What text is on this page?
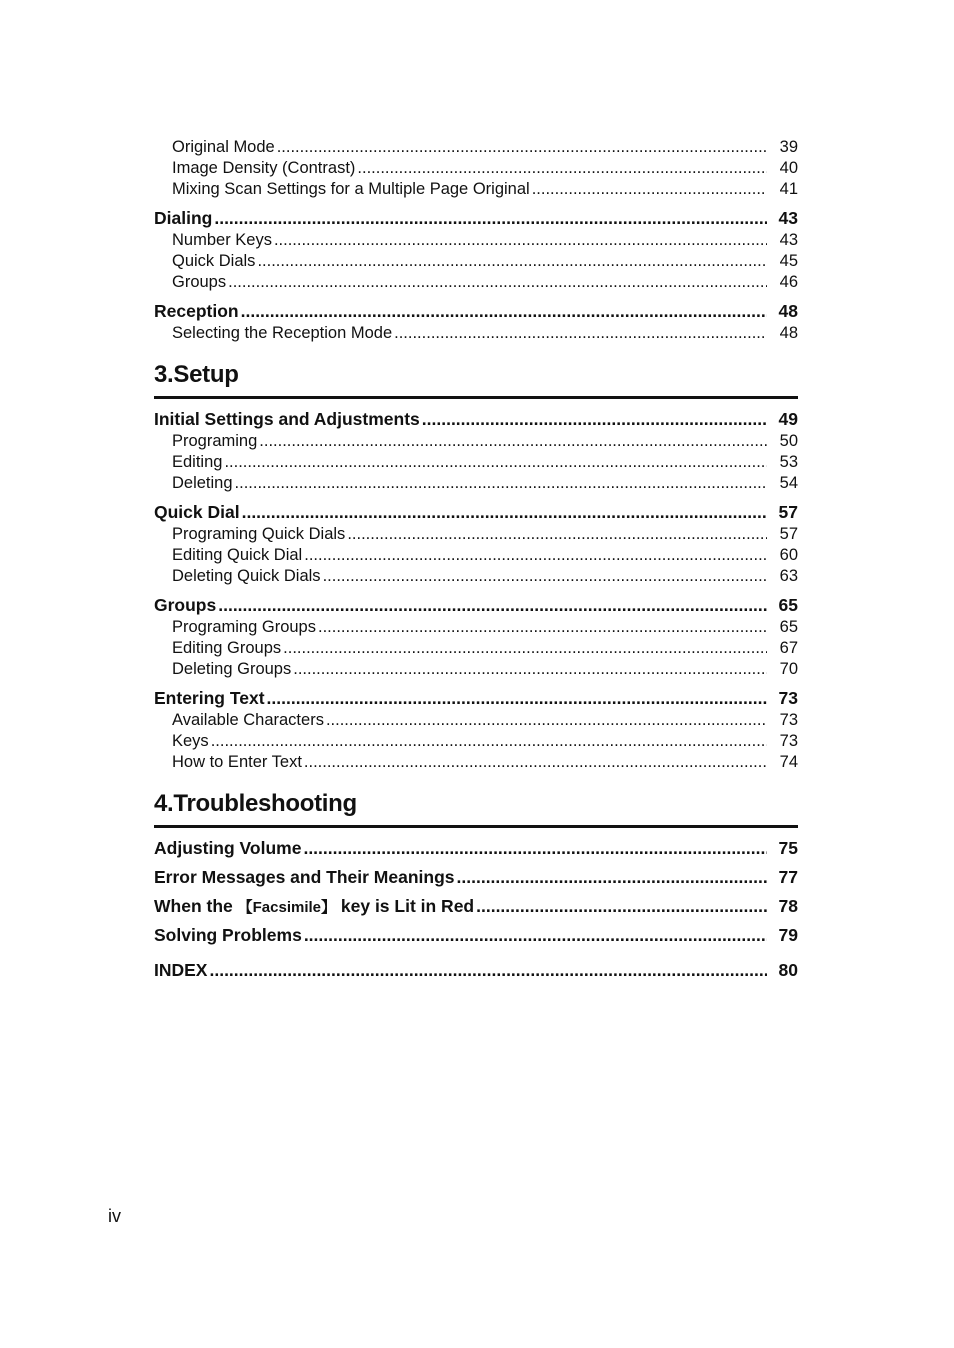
Original Mode .....	39
Image Density (Contrast) .....	40
Mixing Scan Settings for a Multiple Page Original .....	41
Dialing .....	43
Number Keys .....	43
Quick Dials .....	45
Groups .....	46
Reception .....	48
Selecting the Reception Mode .....	48
3.Setup
Initial Settings and Adjustments .....	49
Programing .....	50
Editing .....	53
Deleting .....	54
Quick Dial .....	57
Programing Quick Dials .....	57
Editing Quick Dial .....	60
Deleting Quick Dials .....	63
Groups .....	65
Programing Groups .....	65
Editing Groups .....	67
Deleting Groups .....	70
Entering Text .....	73
Available Characters .....	73
Keys .....	73
How to Enter Text .....	74
4.Troubleshooting
Adjusting Volume .....	75
Error Messages and Their Meanings .....	77
When the 【Facsimile】 key is Lit in Red .....	78
Solving Problems .....	79
INDEX .....	80
iv
